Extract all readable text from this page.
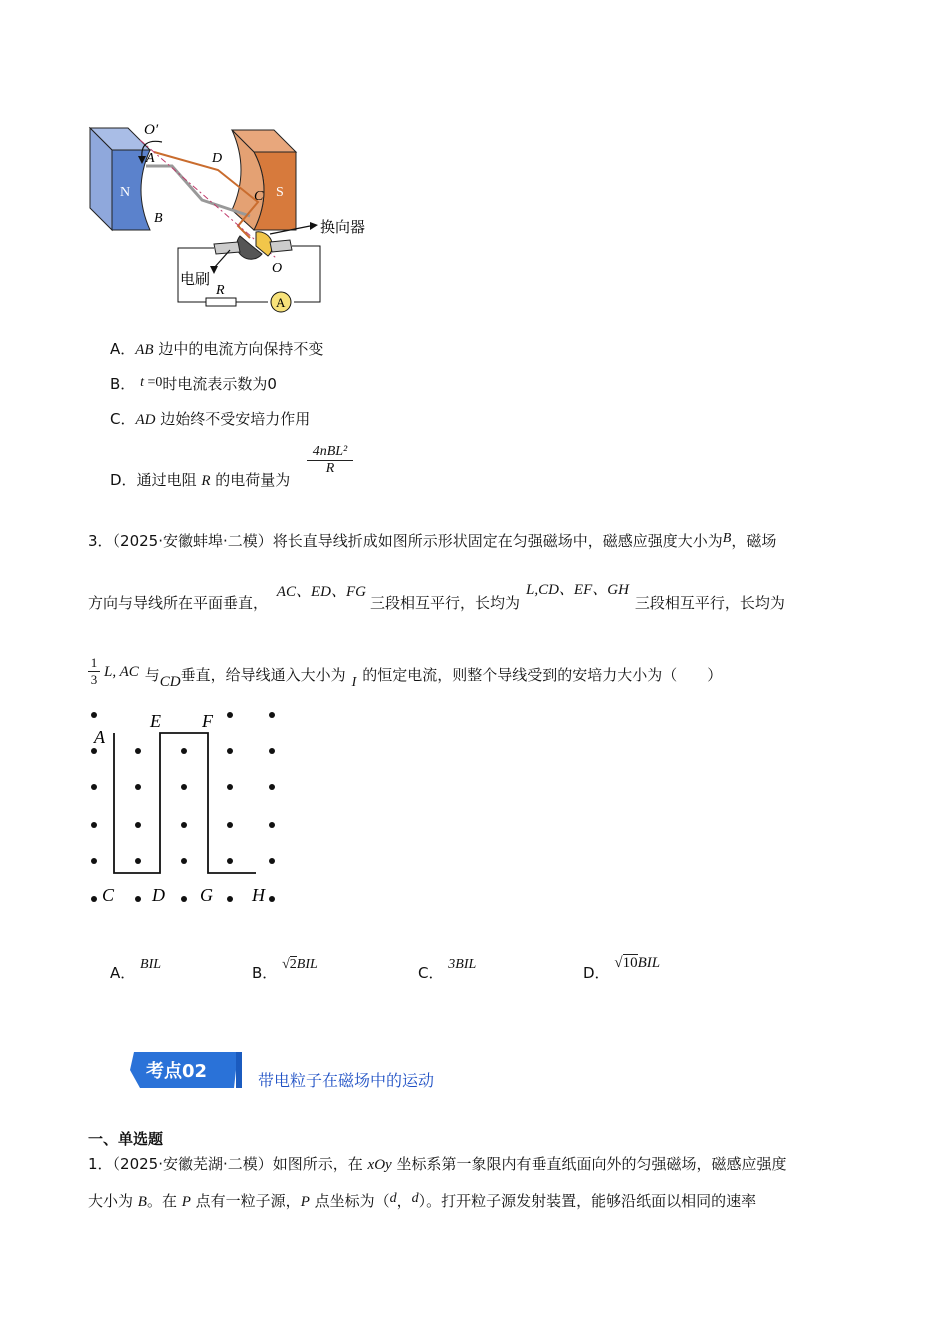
N	S
A
O′
A	D
C
B	换向器
O
电刷
R
A．AB 边中的电流方向保持不变
B． t =0时电流表示数为0
C．AD 边始终不受安培力作用
D．通过电阻 R 的电荷量为
4nBL²
R
3．（2025·安徽蚌埠·二模）将长直导线折成如图所示形状固定在匀强磁场中，磁感应强度大小为B，磁场
方向与导线所在平面垂直， AC、ED、FG三段相互平行，长均为L,CD、EF、GH三段相互平行，长均为
1
3 L, AC 与CD垂直，给导线通入大小为 I 的恒定电流，则整个导线受到的安培力大小为（　　）
A
E F
C D G H
A． BIL	B． √2BIL	C． 3BIL	D． √10BIL
考点02	带电粒子在磁场中的运动
一、单选题
1．（2025·安徽芜湖·二模）如图所示，在 xOy 坐标系第一象限内有垂直纸面向外的匀强磁场，磁感应强度
大小为 B。在 P 点有一粒子源，P 点坐标为（d，d）。打开粒子源发射装置，能够沿纸面以相同的速率
